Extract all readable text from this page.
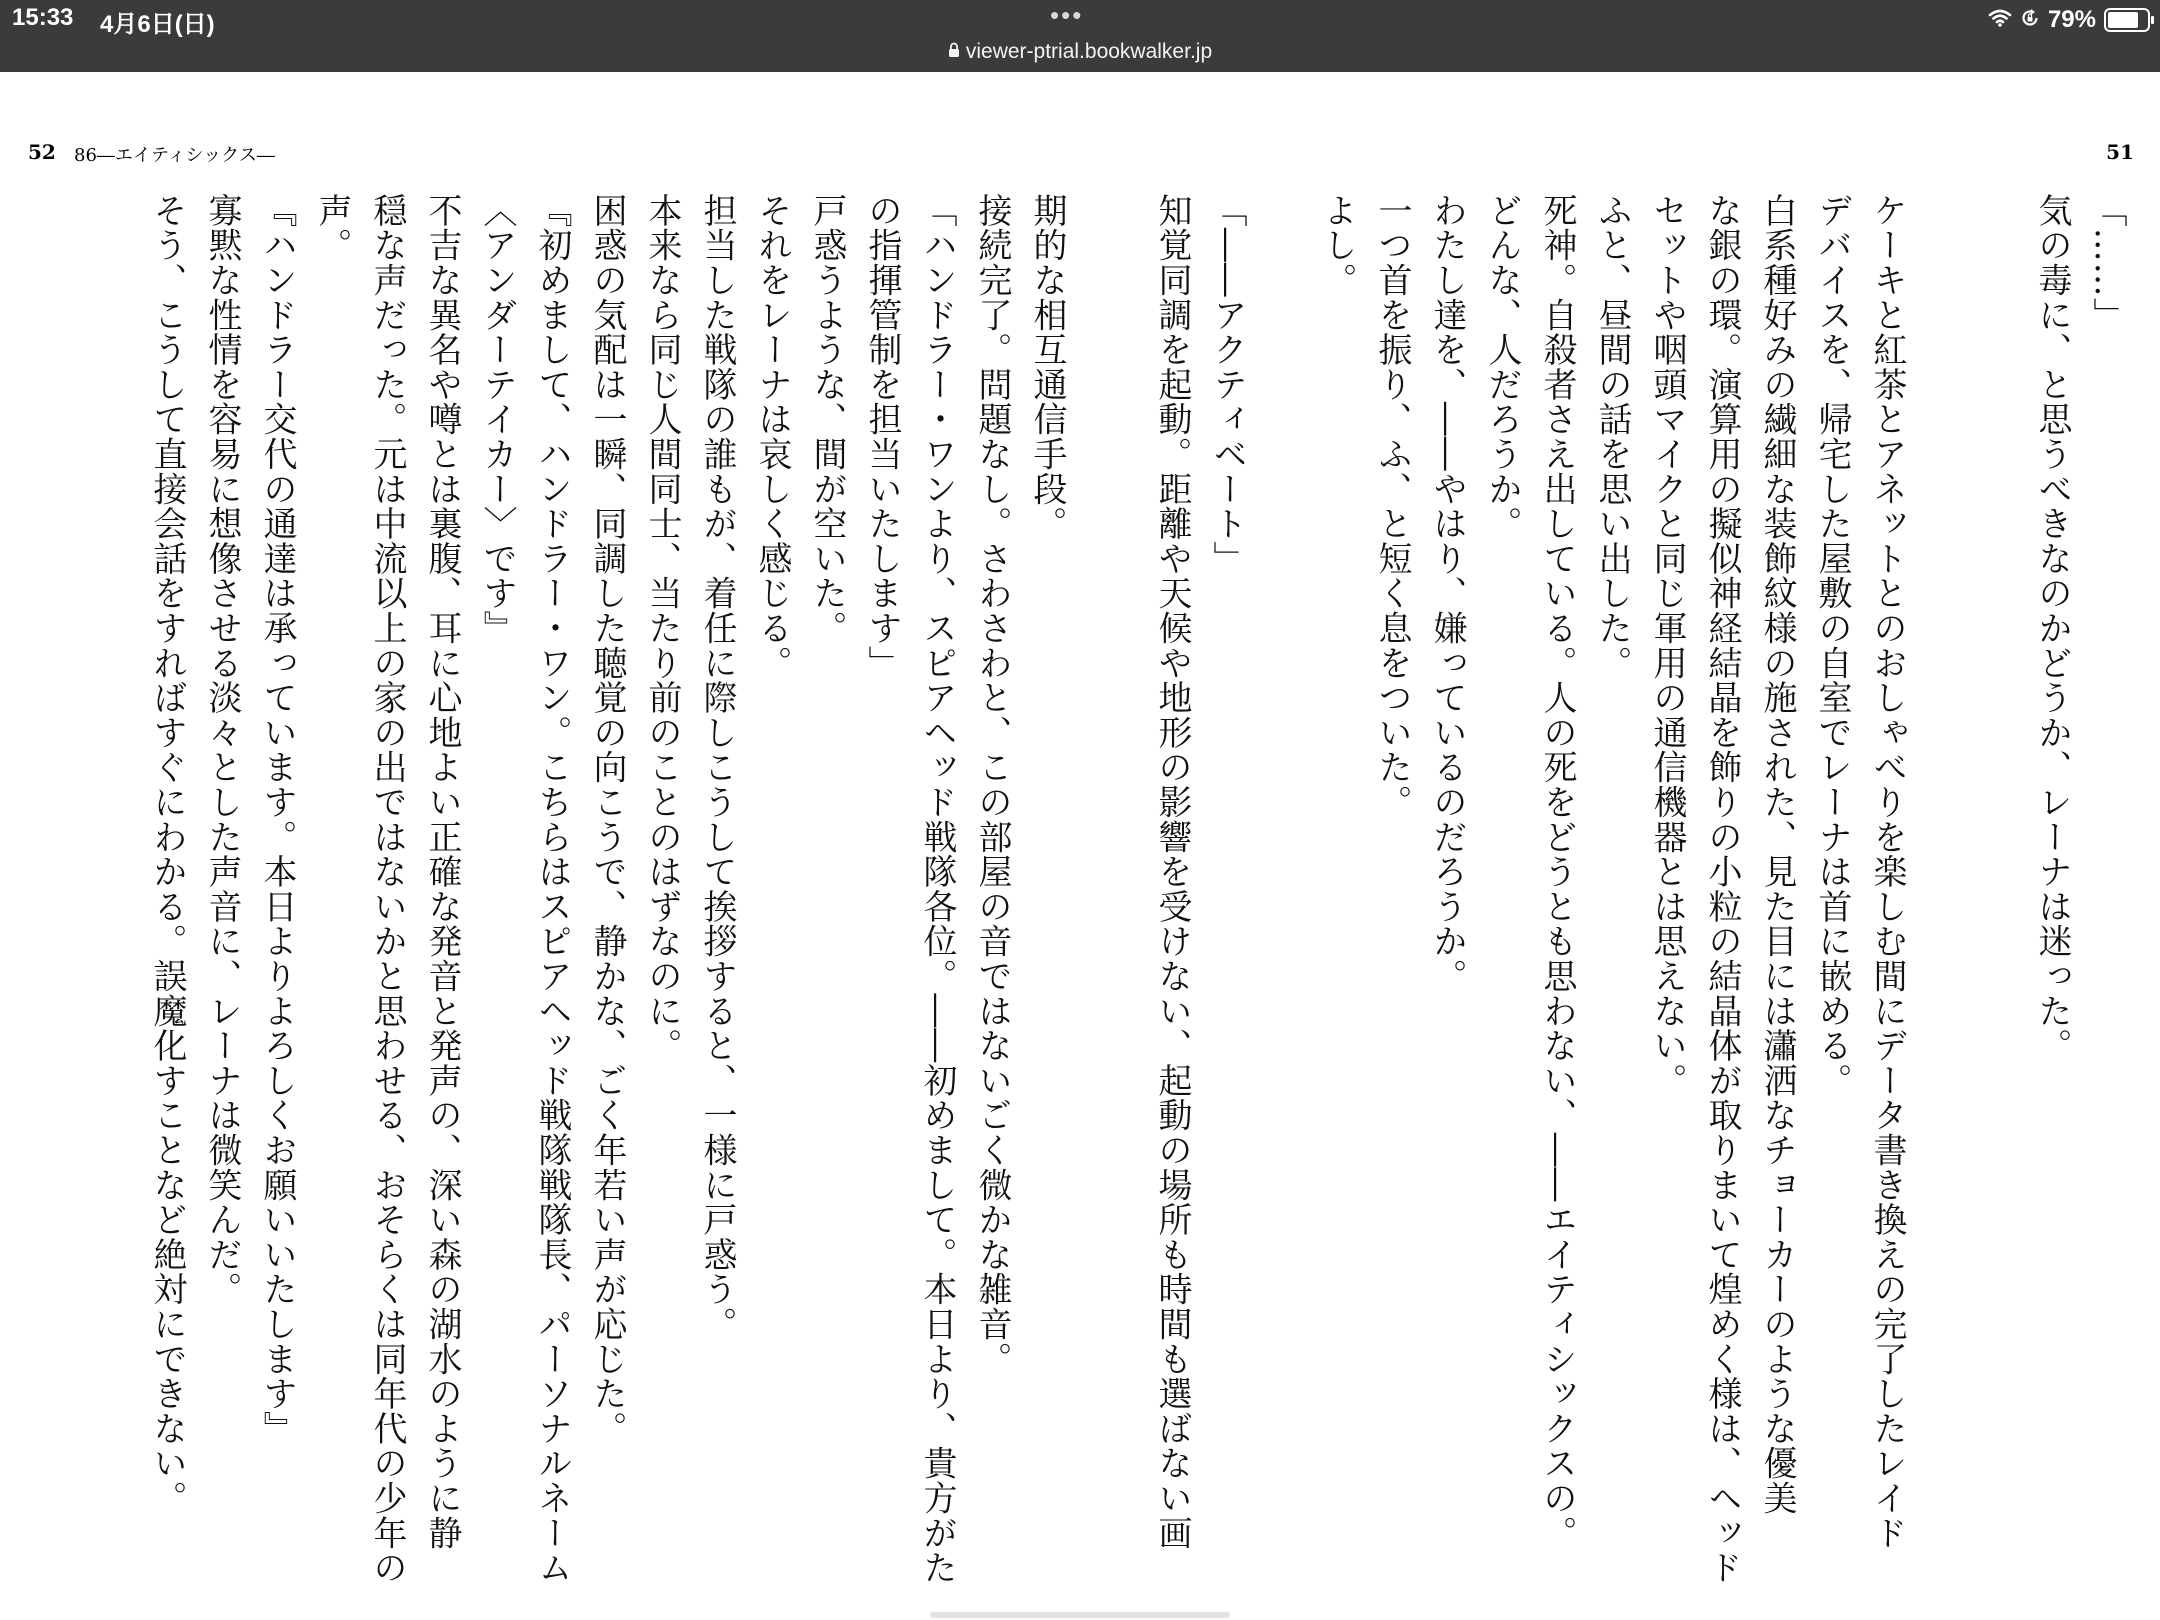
15:33 4月6日(日)	•••
viewer-ptrial.bookwalker.jp
79%
52 86―エイティシックス―	51
「……」
気の毒に、と思うべきなのかどうか、レーナは迷った。
ケーキと紅茶とアネットとのおしゃべりを楽しむ間にデータ書き換えの完了したレイド
デバイスを、帰宅した屋敷の自室でレーナは首に嵌める。
白系種好みの繊細な装飾紋様の施された、見た目には瀟洒なチョーカーのような優美
な銀の環。演算用の擬似神経結晶を飾りの小粒の結晶体が取りまいて煌めく様は、ヘッド
セットや咽頭マイクと同じ軍用の通信機器とは思えない。
ふと、昼間の話を思い出した。
死神。自殺者さえ出している。人の死をどうとも思わない、――エイティシックスの。
どんな、人だろうか。
わたし達を、――やはり、嫌っているのだろうか。
一つ首を振り、ふ、と短く息をついた。
よし。
「――アクティベート」
知覚同調を起動。距離や天候や地形の影響を受けない、起動の場所も時間も選ばない画
期的な相互通信手段。
接続完了。問題なし。さわさわと、この部屋の音ではないごく微かな雑音。
「ハンドラー・ワンより、スピアヘッド戦隊各位。――初めまして。本日より、貴方がた
の指揮管制を担当いたします」
戸惑うような、間が空いた。
それをレーナは哀しく感じる。
担当した戦隊の誰もが、着任に際しこうして挨拶すると、一様に戸惑う。
本来なら同じ人間同士、当たり前のことのはずなのに。
困惑の気配は一瞬、同調した聴覚の向こうで、静かな、ごく年若い声が応じた。
『初めまして、ハンドラー・ワン。こちらはスピアヘッド戦隊戦隊長、パーソナルネーム
〈アンダーテイカー〉です』
不吉な異名や噂とは裏腹、耳に心地よい正確な発音と発声の、深い森の湖水のように静
穏な声だった。元は中流以上の家の出ではないかと思わせる、おそらくは同年代の少年の
声。
『ハンドラー交代の通達は承っています。本日よりよろしくお願いいたします』
寡黙な性情を容易に想像させる淡々とした声音に、レーナは微笑んだ。
そう、こうして直接会話をすればすぐにわかる。誤魔化すことなど絶対にできない。
